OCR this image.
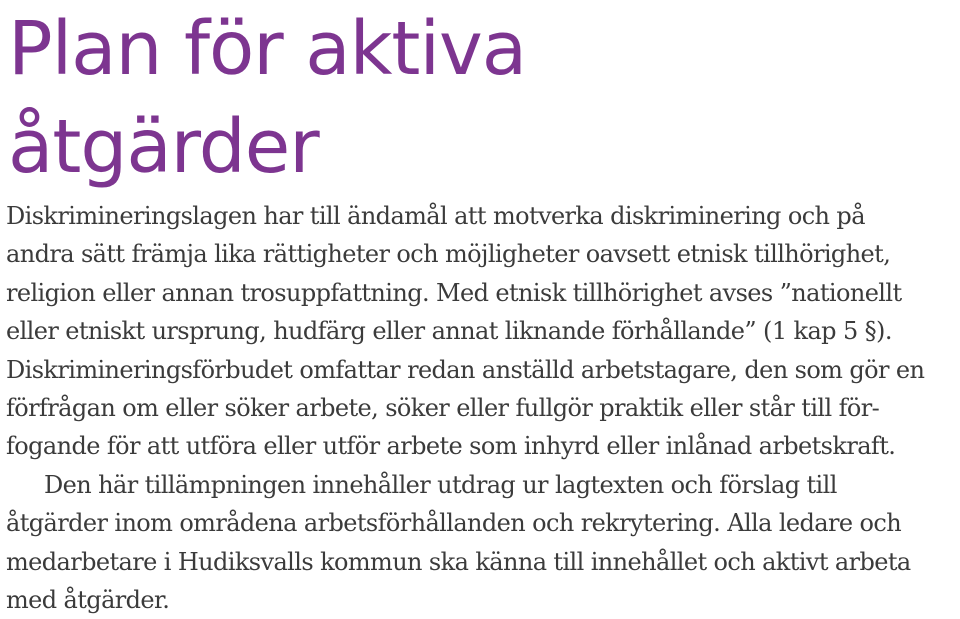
Plan för aktiva
åtgärder
Diskrimineringslagen har till ändamål att motverka diskriminering och på
andra sätt främja lika rättigheter och möjligheter oavsett etnisk tillhörighet,
religion eller annan trosuppfattning. Med etnisk tillhörighet avses ”nationellt
eller etniskt ursprung, hudfärg eller annat liknande förhållande” (1 kap 5 §).
Diskrimineringsförbudet omfattar redan anställd arbetstagare, den som gör en
förfrågan om eller söker arbete, söker eller fullgör praktik eller står till för-
fogande för att utföra eller utför arbete som inhyrd eller inlånad arbetskraft.
Den här tillämpningen innehåller utdrag ur lagtexten och förslag till
åtgärder inom områdena arbetsförhållanden och rekrytering. Alla ledare och
medarbetare i Hudiksvalls kommun ska känna till innehållet och aktivt arbeta
med åtgärder.
